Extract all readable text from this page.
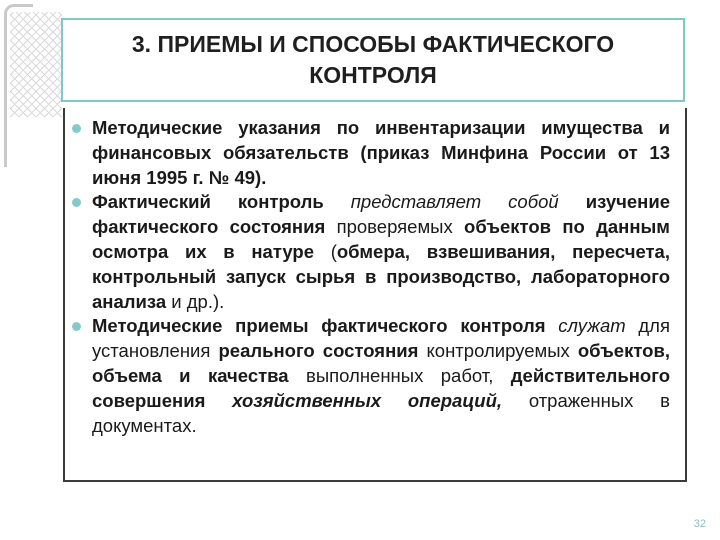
3. ПРИЕМЫ И СПОСОБЫ ФАКТИЧЕСКОГО КОНТРОЛЯ
Методические указания по инвентаризации имущества и финансовых обязательств (приказ Минфина России от 13 июня 1995 г. № 49).
Фактический контроль представляет собой изучение фактического состояния проверяемых объектов по данным осмотра их в натуре (обмера, взвешивания, пересчета, контрольный запуск сырья в производство, лабораторного анализа и др.).
Методические приемы фактического контроля служат для установления реального состояния контролируемых объектов, объема и качества выполненных работ, действительного совершения хозяйственных операций, отраженных в документах.
32
